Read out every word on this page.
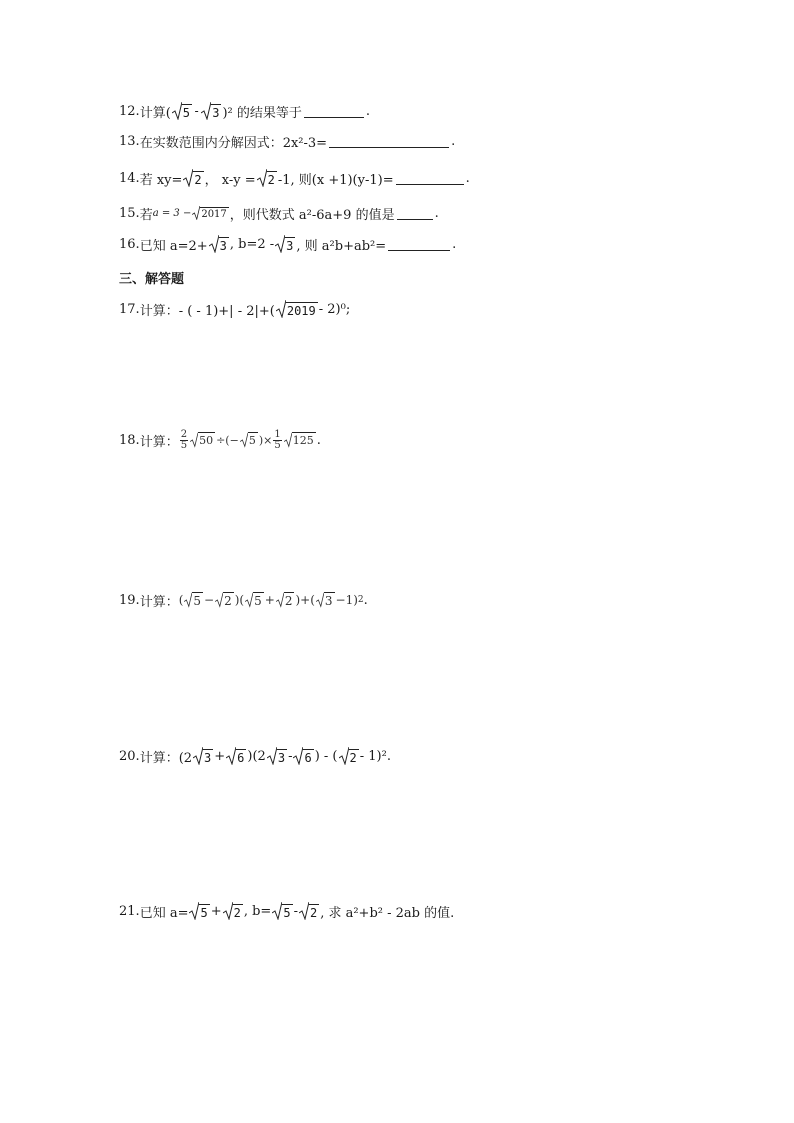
12. 计算( 5 - 3 )² 的结果等于	.
13. 在实数范围内分解因式：2x²-3=	.
14. 若 xy= 2 ， x-y = 2 -1, 则(x +1)(y-1)=	.
15. 若 a = 3 − 2017 ，则代数式 a²-6a+9 的值是	.
16. 已知 a=2+ 3 , b=2 - 3 , 则 a²b+ab²=	.
三、解答题
17. 计算：- ( - 1)+| - 2|+( 2019 - 2)⁰;
18. 计算： $\frac{2}{5} 50$ ÷(− 5 )× $\frac{1}{5} 125$ .
19. 计算： ( 5 − 2 )( 5 + 2 )+( 3 −1) 2 .
20. 计算：(2 3 + 6 )(2 3 - 6 ) - ( 2 - 1)².
21. 已知 a= 5 + 2 , b= 5 - 2 , 求 a²+b² - 2ab 的值.
